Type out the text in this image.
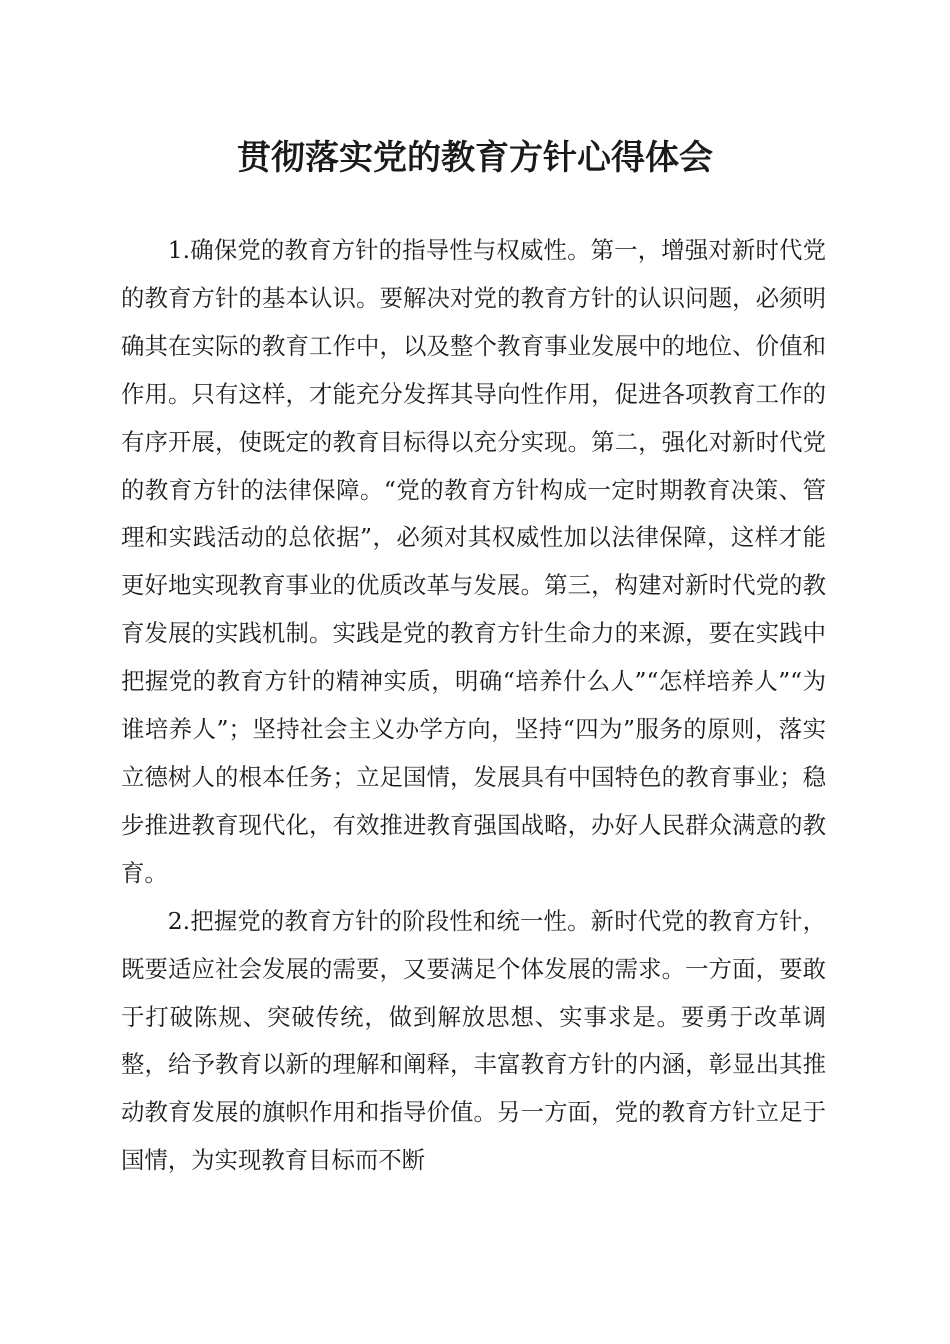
贯彻落实党的教育方针心得体会

1.确保党的教育方针的指导性与权威性。第一，增强对新时代党的教育方针的基本认识。要解决对党的教育方针的认识问题，必须明确其在实际的教育工作中，以及整个教育事业发展中的地位、价值和作用。只有这样，才能充分发挥其导向性作用，促进各项教育工作的有序开展，使既定的教育目标得以充分实现。第二，强化对新时代党的教育方针的法律保障。“党的教育方针构成一定时期教育决策、管理和实践活动的总依据”，必须对其权威性加以法律保障，这样才能更好地实现教育事业的优质改革与发展。第三，构建对新时代党的教育发展的实践机制。实践是党的教育方针生命力的来源，要在实践中把握党的教育方针的精神实质，明确“培养什么人”“怎样培养人”“为谁培养人”；坚持社会主义办学方向，坚持“四为”服务的原则，落实立德树人的根本任务；立足国情，发展具有中国特色的教育事业；稳步推进教育现代化，有效推进教育强国战略，办好人民群众满意的教育。

2.把握党的教育方针的阶段性和统一性。新时代党的教育方针，既要适应社会发展的需要，又要满足个体发展的需求。一方面，要敢于打破陈规、突破传统，做到解放思想、实事求是。要勇于改革调整，给予教育以新的理解和阐释，丰富教育方针的内涵，彰显出其推动教育发展的旗帜作用和指导价值。另一方面，党的教育方针立足于国情，为实现教育目标而不断
